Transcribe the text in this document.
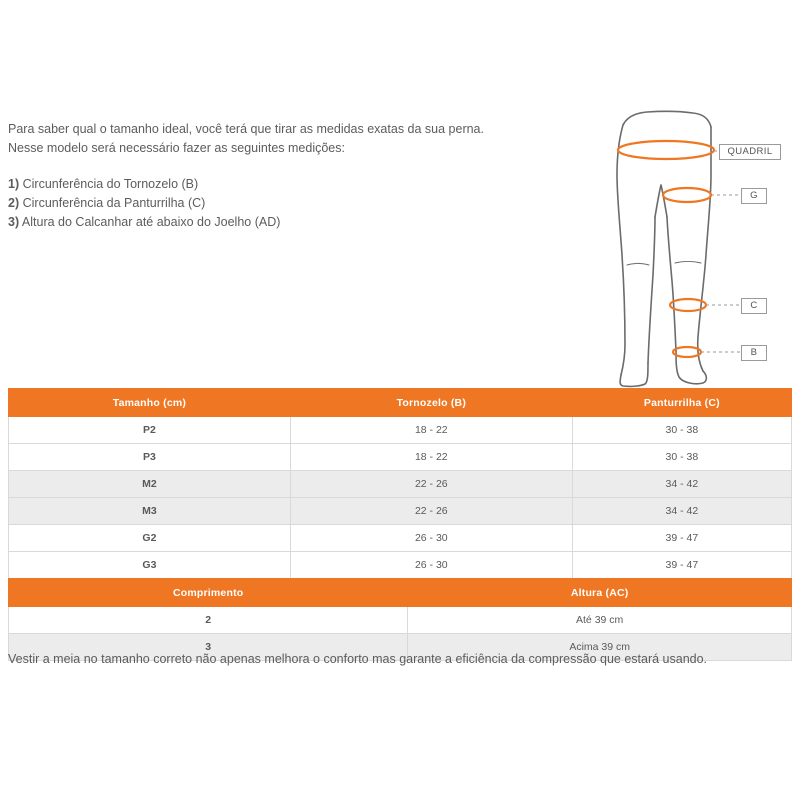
Para saber qual o tamanho ideal, você terá que tirar as medidas exatas da sua perna.

Nesse modelo será necessário fazer as seguintes medições:

1) Circunferência do Tornozelo (B)

2) Circunferência da Panturrilha (C)

3) Altura do Calcanhar até abaixo do Joelho (AD)

QUADRIL
G
C
B
Tamanho (cm)	Tornozelo (B)	Panturrilha (C)
P2	18 - 22	30 - 38
P3	18 - 22	30 - 38
M2	22 - 26	34 - 42
M3	22 - 26	34 - 42
G2	26 - 30	39 - 47
G3	26 - 30	39 - 47
Comprimento	Altura (AC)
2	Até 39 cm
3	Acima 39 cm
Vestir a meia no tamanho correto não apenas melhora o conforto mas garante a eficiência da compressão que estará usando.
